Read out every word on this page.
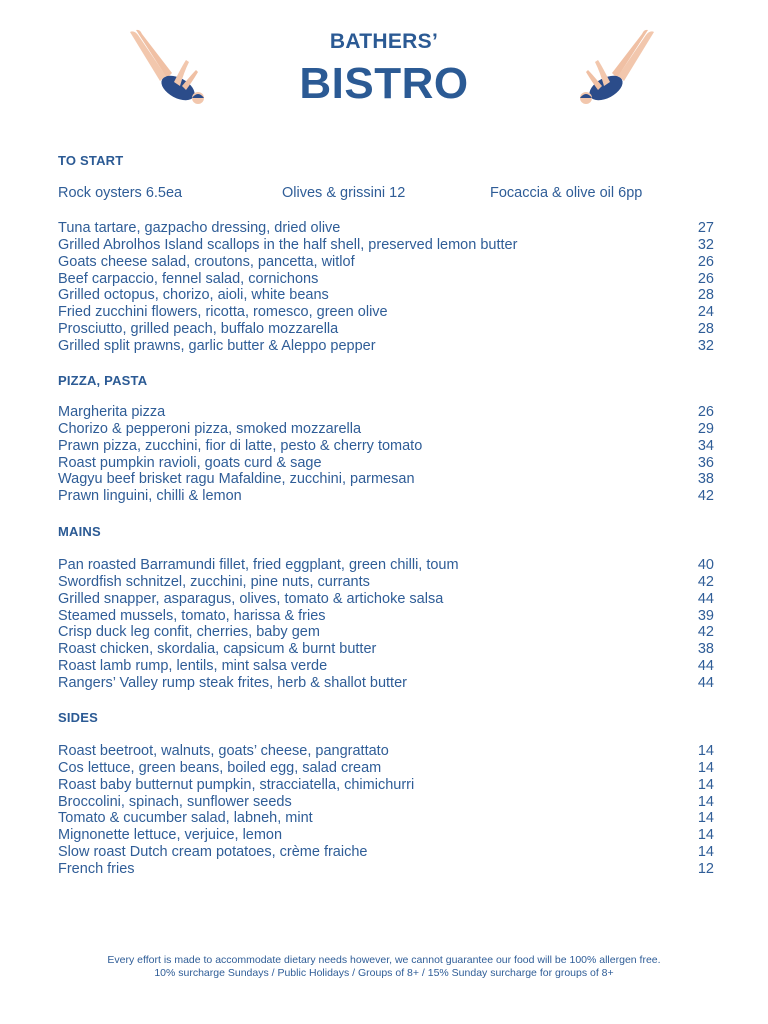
BATHERS’
BISTRO
TO START
Rock oysters 6.5ea	Olives & grissini 12	Focaccia & olive oil 6pp
Tuna tartare, gazpacho dressing, dried olive	27
Grilled Abrolhos Island scallops in the half shell, preserved lemon butter	32
Goats cheese salad, croutons, pancetta, witlof	26
Beef carpaccio, fennel salad, cornichons	26
Grilled octopus, chorizo, aioli, white beans	28
Fried zucchini flowers, ricotta, romesco, green olive	24
Prosciutto, grilled peach, buffalo mozzarella	28
Grilled split prawns, garlic butter & Aleppo pepper	32
PIZZA, PASTA
Margherita pizza	26
Chorizo & pepperoni pizza, smoked mozzarella	29
Prawn pizza, zucchini, fior di latte, pesto & cherry tomato	34
Roast pumpkin ravioli, goats curd & sage	36
Wagyu beef brisket ragu Mafaldine, zucchini, parmesan	38
Prawn linguini, chilli & lemon	42
MAINS
Pan roasted Barramundi fillet, fried eggplant, green chilli, toum	40
Swordfish schnitzel, zucchini, pine nuts, currants	42
Grilled snapper, asparagus, olives, tomato & artichoke salsa	44
Steamed mussels, tomato, harissa & fries	39
Crisp duck leg confit, cherries, baby gem	42
Roast chicken, skordalia, capsicum & burnt butter	38
Roast lamb rump, lentils, mint salsa verde	44
Rangers’ Valley rump steak frites, herb & shallot butter	44
SIDES
Roast beetroot, walnuts, goats’ cheese, pangrattato	14
Cos lettuce, green beans, boiled egg, salad cream	14
Roast baby butternut pumpkin, stracciatella, chimichurri	14
Broccolini, spinach, sunflower seeds	14
Tomato & cucumber salad, labneh, mint	14
Mignonette lettuce, verjuice, lemon	14
Slow roast Dutch cream potatoes, crème fraiche	14
French fries	12
Every effort is made to accommodate dietary needs however, we cannot guarantee our food will be 100% allergen free.
10% surcharge Sundays / Public Holidays / Groups of 8+ / 15% Sunday surcharge for groups of 8+
